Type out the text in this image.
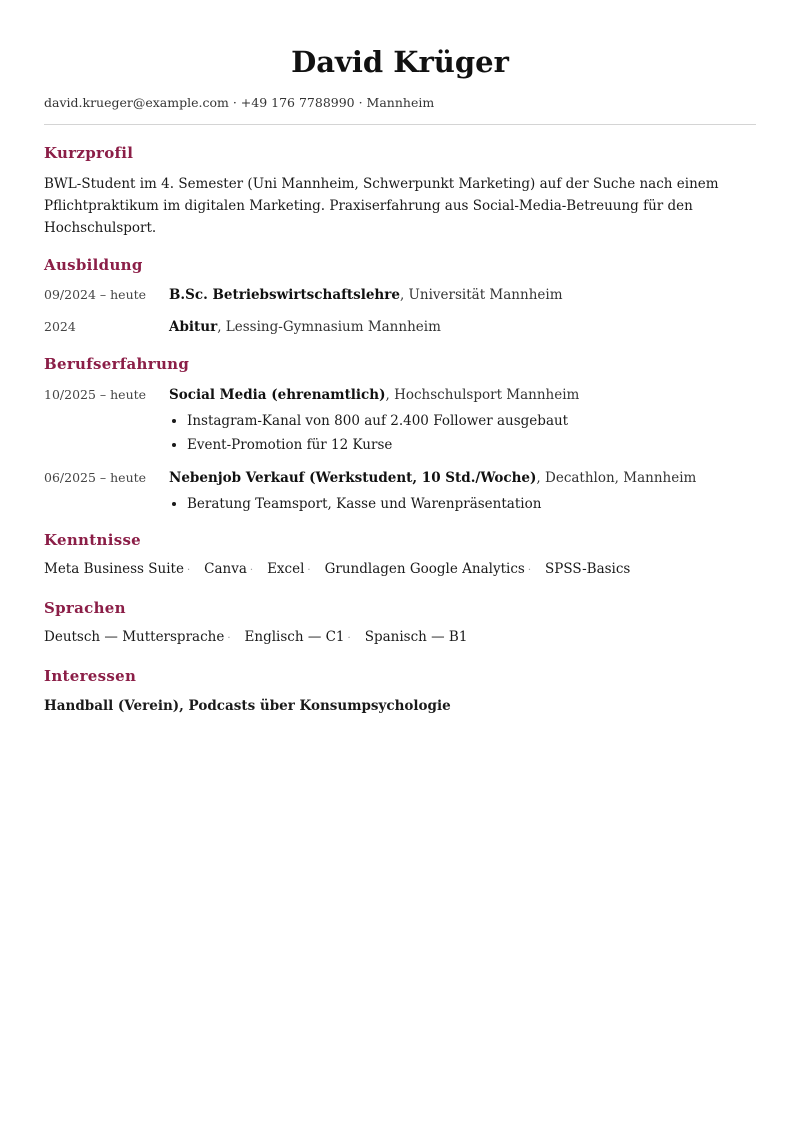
David Krüger
david.krueger@example.com · +49 176 7788990 · Mannheim
Kurzprofil
BWL-Student im 4. Semester (Uni Mannheim, Schwerpunkt Marketing) auf der Suche nach einem Pflichtpraktikum im digitalen Marketing. Praxiserfahrung aus Social-Media-Betreuung für den Hochschulsport.
Ausbildung
09/2024 – heute	B.Sc. Betriebswirtschaftslehre, Universität Mannheim
2024	Abitur, Lessing-Gymnasium Mannheim
Berufserfahrung
10/2025 – heute	Social Media (ehrenamtlich), Hochschulsport Mannheim
• Instagram-Kanal von 800 auf 2.400 Follower ausgebaut
• Event-Promotion für 12 Kurse
06/2025 – heute	Nebenjob Verkauf (Werkstudent, 10 Std./Woche), Decathlon, Mannheim
• Beratung Teamsport, Kasse und Warenpräsentation
Kenntnisse
Meta Business Suite · Canva · Excel · Grundlagen Google Analytics · SPSS-Basics
Sprachen
Deutsch — Muttersprache · Englisch — C1 · Spanisch — B1
Interessen
Handball (Verein), Podcasts über Konsumpsychologie
